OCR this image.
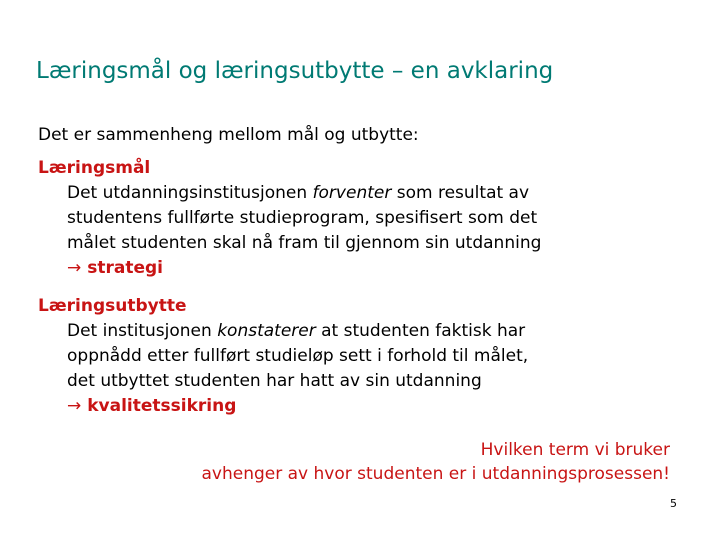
Læringsmål og læringsutbytte – en avklaring
Det er sammenheng mellom mål og utbytte:
Læringsmål
Det utdanningsinstitusjonen forventer som resultat av
studentens fullførte studieprogram, spesifisert som det
målet studenten skal nå fram til gjennom sin utdanning
→ strategi
Læringsutbytte
Det institusjonen konstaterer at studenten faktisk har
oppnådd etter fullført studieløp sett i forhold til målet,
det utbyttet studenten har hatt av sin utdanning
→ kvalitetssikring
Hvilken term vi bruker
avhenger av hvor studenten er i utdanningsprosessen!
5
